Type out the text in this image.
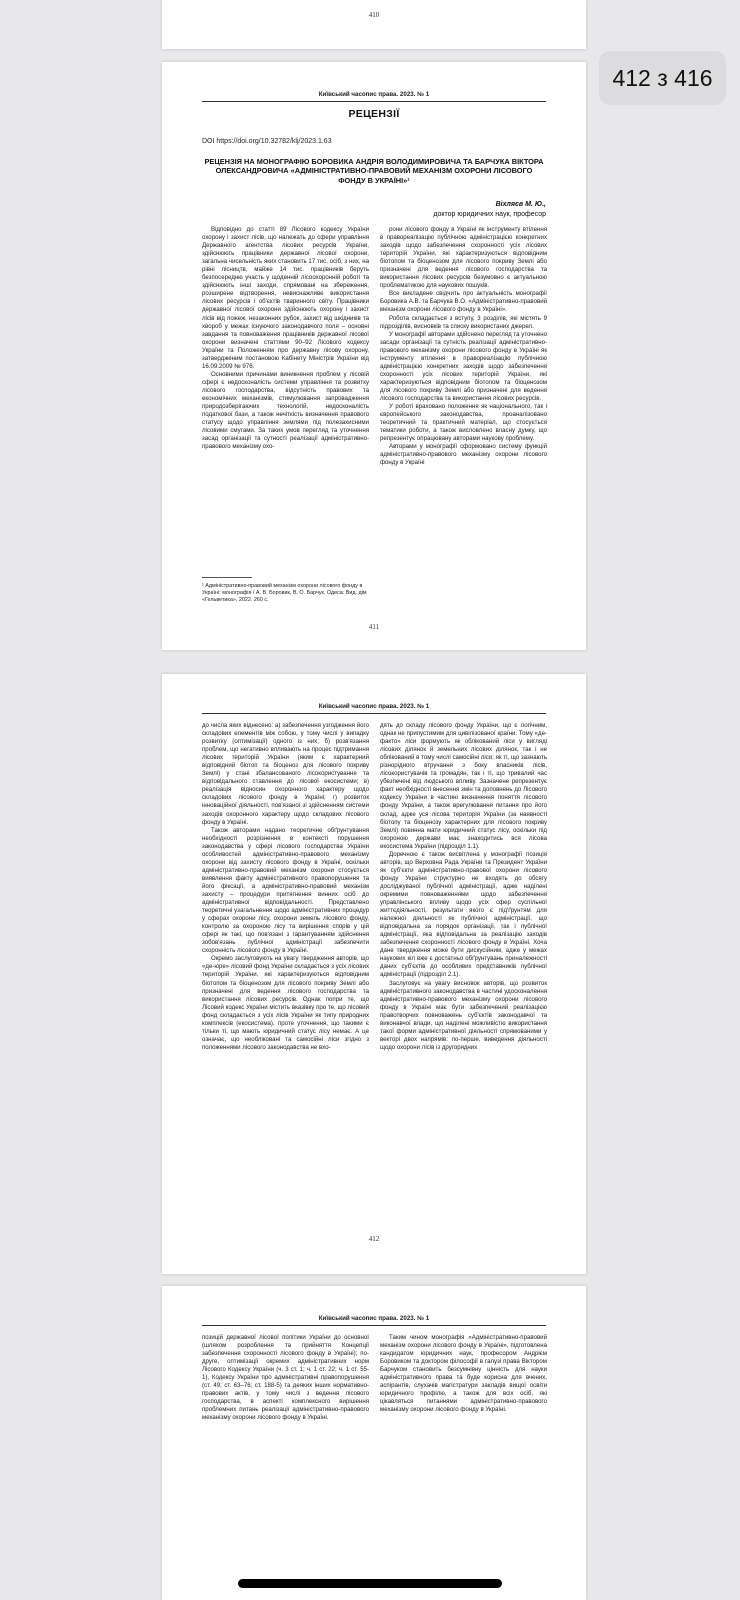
410
Київський часопис права. 2023. № 1
РЕЦЕНЗІЇ
DOI https://doi.org/10.32782/klj/2023.1.63
РЕЦЕНЗІЯ НА МОНОГРАФІЮ БОРОВИКА АНДРІЯ ВОЛОДИМИРОВИЧА ТА БАРЧУКА ВІКТОРА ОЛЕКСАНДРОВИЧА «АДМІНІСТРАТИВНО-ПРАВОВИЙ МЕХАНІЗМ ОХОРОНИ ЛІСОВОГО ФОНДУ В УКРАЇНІ»¹
Віхляєв М. Ю.,
доктор юридичних наук, професор

Відповідно до статті 89 Лісового кодексу України охорону і захист лісів, що належать до сфери управління Державного агентства лісових ресурсів України, здійснюють працівники державної лісової охорони, загальна чисельність яких становить 17 тис. осіб, з них, на рівні лісництв, майже 14 тис. працівників беруть безпосередню участь у щоденній лісоохоронній роботі та здійснюють інші заходи, спрямовані на збереження, розширене відтворення, невиснажливе використання лісових ресурсів і об'єктів тваринного світу. Працівники державної лісової охорони здійснюють охорону і захист лісів від пожеж, незаконних рубок, захист від шкідників та хвороб у межах існуючого законодавчого поля – основні завдання та повноваження працівників державної лісової охорони визначені статтями 90–92 Лісового кодексу України та Положенням про державну лісову охорону, затвердженим постановою Кабінету Міністрів України від 16.09.2009 № 976.

Основними причинами виникнення проблем у лісовій сфері є недосконалість системи управління та розвитку лісового господарства, відсутність правових та економічних механізмів, стимулювання запровадження природозберігаючих технологій, недосконалість податкової бази, а також нечіткість визначення правового статусу щодо управління землями під полезахисними лісовими смугами. За таких умов перегляд та уточнення засад організації та сутності реалізації адміністративно-правового механізму охо-

рони лісового фонду в Україні як інструменту втілення в правореалізацію публічною адміністрацією конкретних заходів щодо забезпечення схоронності усіх лісових територій України, які характеризуються відповідним біотопом та біоценозом для лісового покриву Землі або призначені для ведення лісового господарства та використання лісових ресурсів безумовно є актуальною проблематикою для наукових пошуків.

Все викладене свідчить про актуальність монографії Боровика А.В. та Барчука В.О. «Адміністративно-правовий механізм охорони лісового фонду в Україні».

Робота складається з вступу, 3 розділів, які містять 9 підрозділів, висновків та списку використаних джерел.

У монографії авторами здійснено перегляд та уточнено засади організації та сутність реалізації адміністративно-правового механізму охорони лісового фонду в Україні як інструменту втілення в правореалізацію публічною адміністрацією конкретних заходів щодо забезпечення схоронності усіх лісових територій України, які характеризуються відповідним біотопом та біоценозом для лісового покриву Землі або призначені для ведення лісового господарства та використання лісових ресурсів.

У роботі враховано положення як національного, так і європейського законодавства, проаналізовано теоретичний та практичний матеріал, що стосується тематики роботи, а також висловлено власну думку, що репрезентує опрацювану авторами наукову проблему.

Авторами у монографії сформовано систему функцій адміністративно-правового механізму охорони лісового фонду в Україні

¹ Адміністративно-правовий механізм охорони лісового фонду в Україні: монографія / А. В. Боровик, В. О. Барчук. Одеса: Вид. дім «Гельветика», 2022. 260 с.
411
Київський часопис права. 2023. № 1

до числа яких віднесено: а) забезпечення узгодження його складових елементів між собою, у тому числі у випадку розвитку (оптимізації) одного із них; б) розв'язання проблем, що негативно впливають на процес підтримання лісових територій України (яким є характерний відповідний біотоп та біоценоз для лісового покриву Землі) у стані збалансованого лісокористування та відповідального ставлення до лісової екосистеми; в) реалізація відносин охоронного характеру щодо складових лісового фонду в Україні; г) розвиток інноваційної діяльності, пов'язаної зі здійсненням системи заходів охоронного характеру щодо складових лісового фонду в Україні.

Також авторами надано теоретичне обґрунтування необхідності розрізнення в контексті порушення законодавства у сфері лісового господарства України особливостей адміністративно-правового механізму охорони від захисту лісового фонду в Україні, оскільки адміністративно-правовий механізм охорони стосується виявлення факту адміністративного правопорушення та його фіксації, а адміністративно-правовий механізм захисту – процедури притягнення винних осіб до адміністративної відповідальності. Представлено теоретичні узагальнення щодо адміністративних процедур у сферах охорони лісу, охорони земель лісового фонду, контролю за охороною лісу та вирішення спорів у цій сфері як такі, що пов'язані з гарантуванням здійснення зобов'язань публічної адміністрації забезпечити схоронність лісового фонду в Україні.

Окремо заслуговують на увагу твердження авторів, що «де-юре» лісовий фонд України складається з усіх лісових територій України, які характеризуються відповідним біотопом та біоценозом для лісового покриву Землі або призначені для ведення лісового господарства та використання лісових ресурсів. Однак попри те, що Лісовий кодекс України містить вказівку про те, що лісовий фонд складається з усіх лісів України як типу природних комплексів (екосистема), проте уточнення, що такими є тільки ті, що мають юридичний статус лісу немає. А це означає, що необліковані та самосійні ліси згідно з положеннями лісового законодавства не вхо-

дять до складу лісового фонду України, що є логічним, однак не припустимим для цивілізованої країни. Тому «де-факто» ліси формують як облікований ліси у вигляді лісових ділянок й земельних лісових ділянок, так і не облікований в тому числі самосійні ліси; як ті, що зазнають різнорідного втручання з боку власників лісів, лісокористувачів та громадян, так і ті, що тривалий час убезпечені від людського впливу. Зазначене репрезентує факт необхідності внесення змін та доповнень до Лісового кодексу України в частині визначення поняття лісового фонду України, а також врегулювання питання про його склад, адже уся лісова територія України (за наявності біотопу та біоценозу характерних для лісового покриву Землі) повинна мати юридичний статус лісу, оскільки під охороною держави має знаходитись вся лісова екосистема України (підрозділ 1.1).

Доречною є також висвітлена у монографії позиція авторів, що Верховна Рада України та Президент України як суб'єкти адміністративно-правової охорони лісового фонду України структурно не входять до обсягу досліджуваної публічної адміністрації, адже наділені окремими повноваженнями щодо забезпечення управлінського впливу щодо усіх сфер суспільної життєдіяльності, результати якого є під'ґрунтям для належної діяльності як публічної адміністрації, що відповідальна за порядок організації, так і публічної адміністрації, яка відповідальна за реалізацію заходів забезпечення схоронності лісового фонду в Україні. Хоча дане твердження може бути дискусійним, адже у межах наукових кіл вже є достатньо обґрунтувань приналежності даних суб'єктів до особливих представників публічної адміністрації (підрозділ 2.1).

Заслуговує на увагу висновок авторів, що розвиток адміністративного законодавства в частині удосконалення адміністративно-правового механізму охорони лісового фонду в Україні має бути забезпечений реалізацією правотворчих повноважень суб'єктів законодавчої та виконавчої влади, що наділені можливістю використання такої форми адміністративної діяльності спрямованими у векторі двох напрямів: по-перше, виведення діяльності щодо охорони лісів із другорядних

412
Київський часопис права. 2023. № 1

позицій державної лісової політики України до основної (шляхом розроблення та прийняття Концепції забезпечення схоронності лісового фонду в Україні); по-друге, оптимізації окремих адміністративних норм Лісового Кодексу України (ч. 3 ст. 1; ч. 1 ст. 22; ч. 1 ст. 55-1), Кодексу України про адміністративні правопорушення (ст. 49; ст. 63–76; ст. 188-5) та деяких інших нормативно-правових актів, у тому числі з ведення лісового господарства, в аспекті комплексного вирішення проблемних питань реалізації адміністративно-правового механізму охорони лісового фонду в Україні.

Таким чином монографія «Адміністративно-правовий механізм охорони лісового фонду в Україні», підготовлена кандидатом юридичних наук, професором Андрієм Боровиком та доктором філософії в галузі права Віктором Барчуком становить безсумнівну цінність для науки адміністративного права та буде корисна для вчених, аспірантів, слухачів магістратури закладів вищої освіти юридичного профілю, а також для всіх осіб, які цікавляться питаннями адміністративно-правового механізму охорони лісового фонду в Україні.

412 з 416
